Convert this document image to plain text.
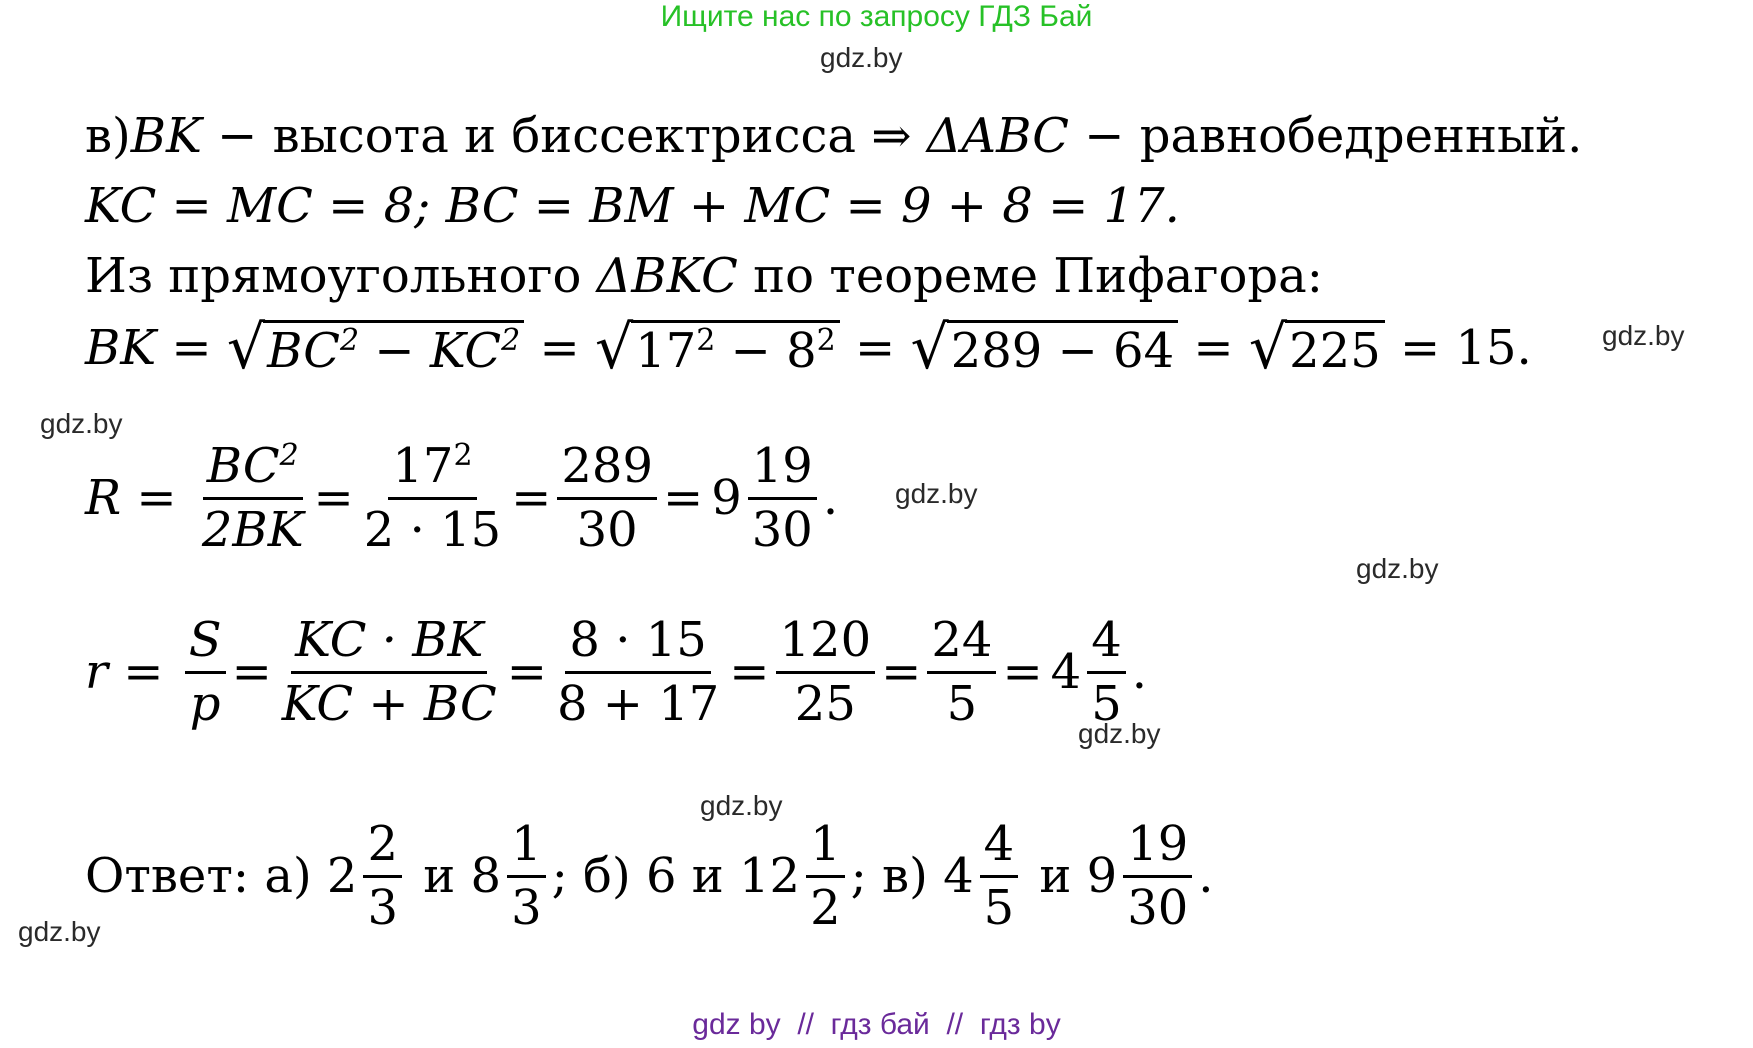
Ищите нас по запросу ГДЗ Бай
gdz.by
gdz.by
gdz.by
gdz.by
gdz.by
gdz.by
gdz.by
gdz.by
в) BK − высота и биссектрисса ⇒ ΔABC − равнобедренный.
KC = MC = 8; BC = BM + MC = 9 + 8 = 17.
Из прямоугольного ΔBKC по теореме Пифагора:
BK = √ $BC^2 - KC^2$ = √ $17^2 - 8^2$ = √ 289 − 64 = √ 225 = 15.
$R = \frac{BC^2}{2BK} = \frac{17^2}{2 \cdot 15} = \frac{289}{30} = 9 \frac{19}{30}$ .
$r = \frac{S}{p} = \frac{KC \cdot BK}{KC + BC} = \frac{8 \cdot 15}{8 + 17} = \frac{120}{25} = \frac{24}{5} = 4 \frac{4}{5}$ .
Ответ: а) $2 \frac{2}{3}$ и $8 \frac{1}{3}$ ; б) 6 и $12 \frac{1}{2}$ ; в) $4 \frac{4}{5}$ и $9 \frac{19}{30}$ .
gdz by  //  гдз бай  //  гдз by
